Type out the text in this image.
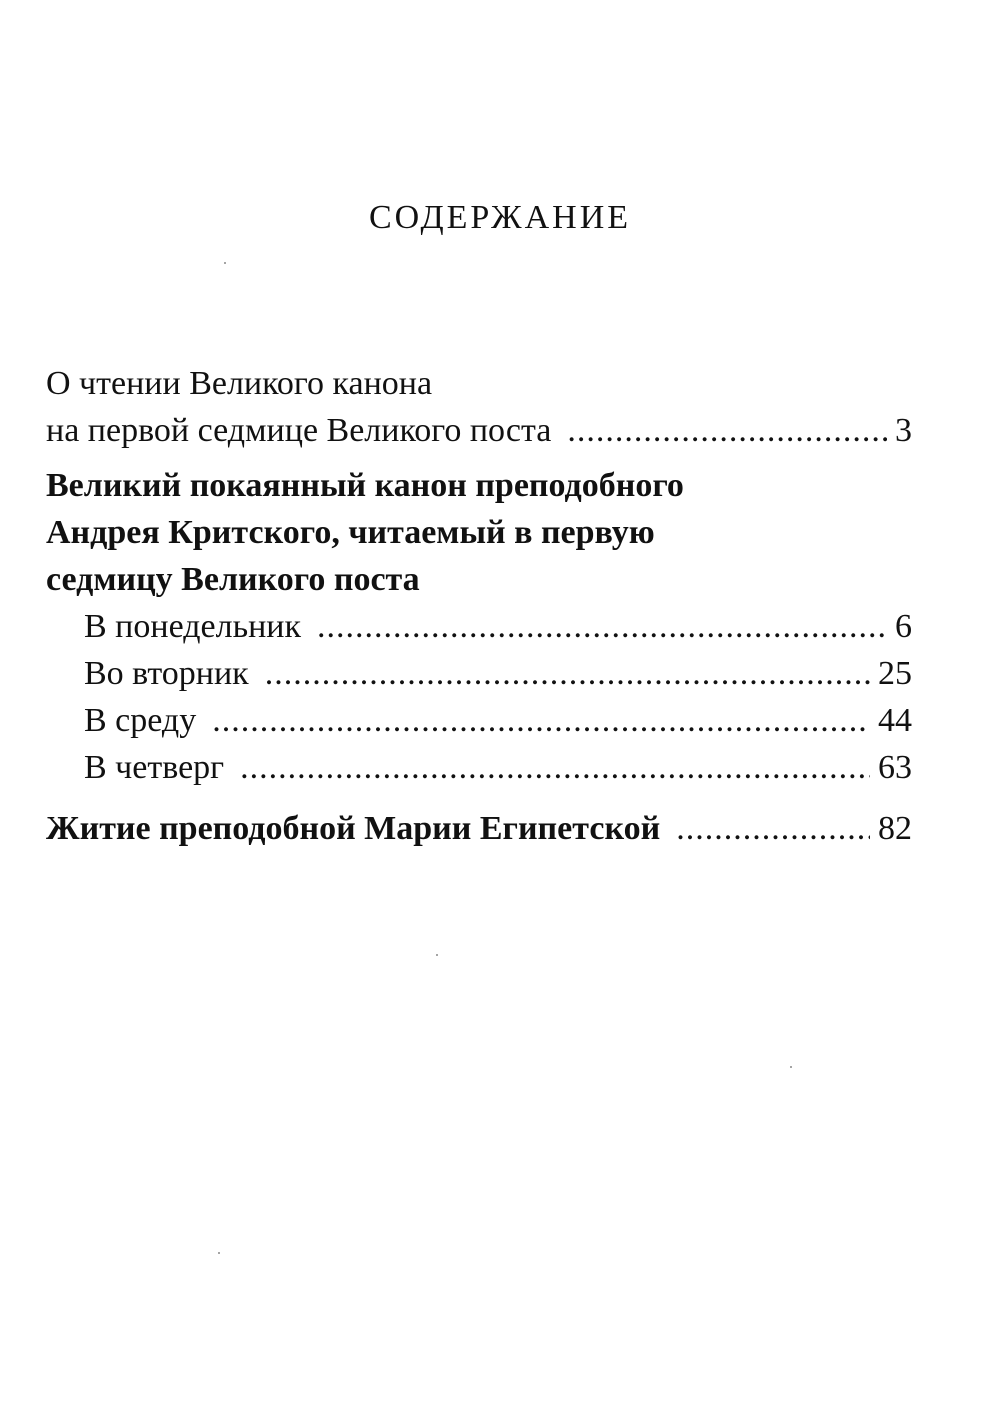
СОДЕРЖАНИЕ
О чтении Великого канона
на первой седмице Великого поста .....	3
Великий покаянный канон преподобного
Андрея Критского, читаемый в первую
седмицу Великого поста
В понедельник .....	6
Во вторник .....	25
В среду .....	44
В четверг .....	63
Житие преподобной Марии Египетской .....	82
